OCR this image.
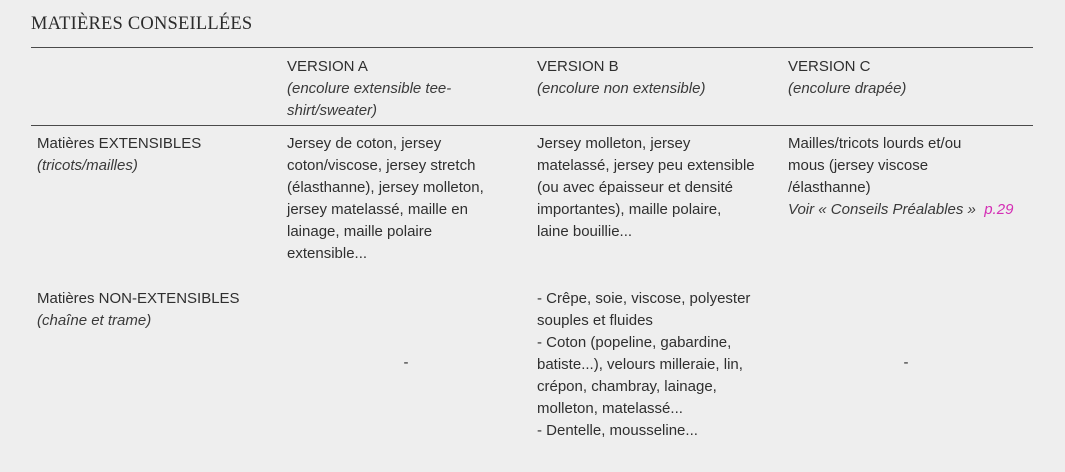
MATIÈRES CONSEILLÉES
VERSION A
(encolure extensible tee-
shirt/sweater)
VERSION B
(encolure non extensible)
VERSION C
(encolure drapée)
Matières EXTENSIBLES
(tricots/mailles)
Jersey de coton, jersey
coton/viscose, jersey stretch
(élasthanne), jersey molleton,
jersey matelassé, maille en
lainage, maille polaire
extensible...
Jersey molleton, jersey
matelassé, jersey peu extensible
(ou avec épaisseur et densité
importantes), maille polaire,
laine bouillie...
Mailles/tricots lourds et/ou
mous (jersey viscose
/élasthanne)
Voir « Conseils Préalables » p.29
Matières NON-EXTENSIBLES
(chaîne et trame)
-
- Crêpe, soie, viscose, polyester
souples et fluides
- Coton (popeline, gabardine,
batiste...), velours milleraie, lin,
crépon, chambray, lainage,
molleton, matelassé...
- Dentelle, mousseline...
-
